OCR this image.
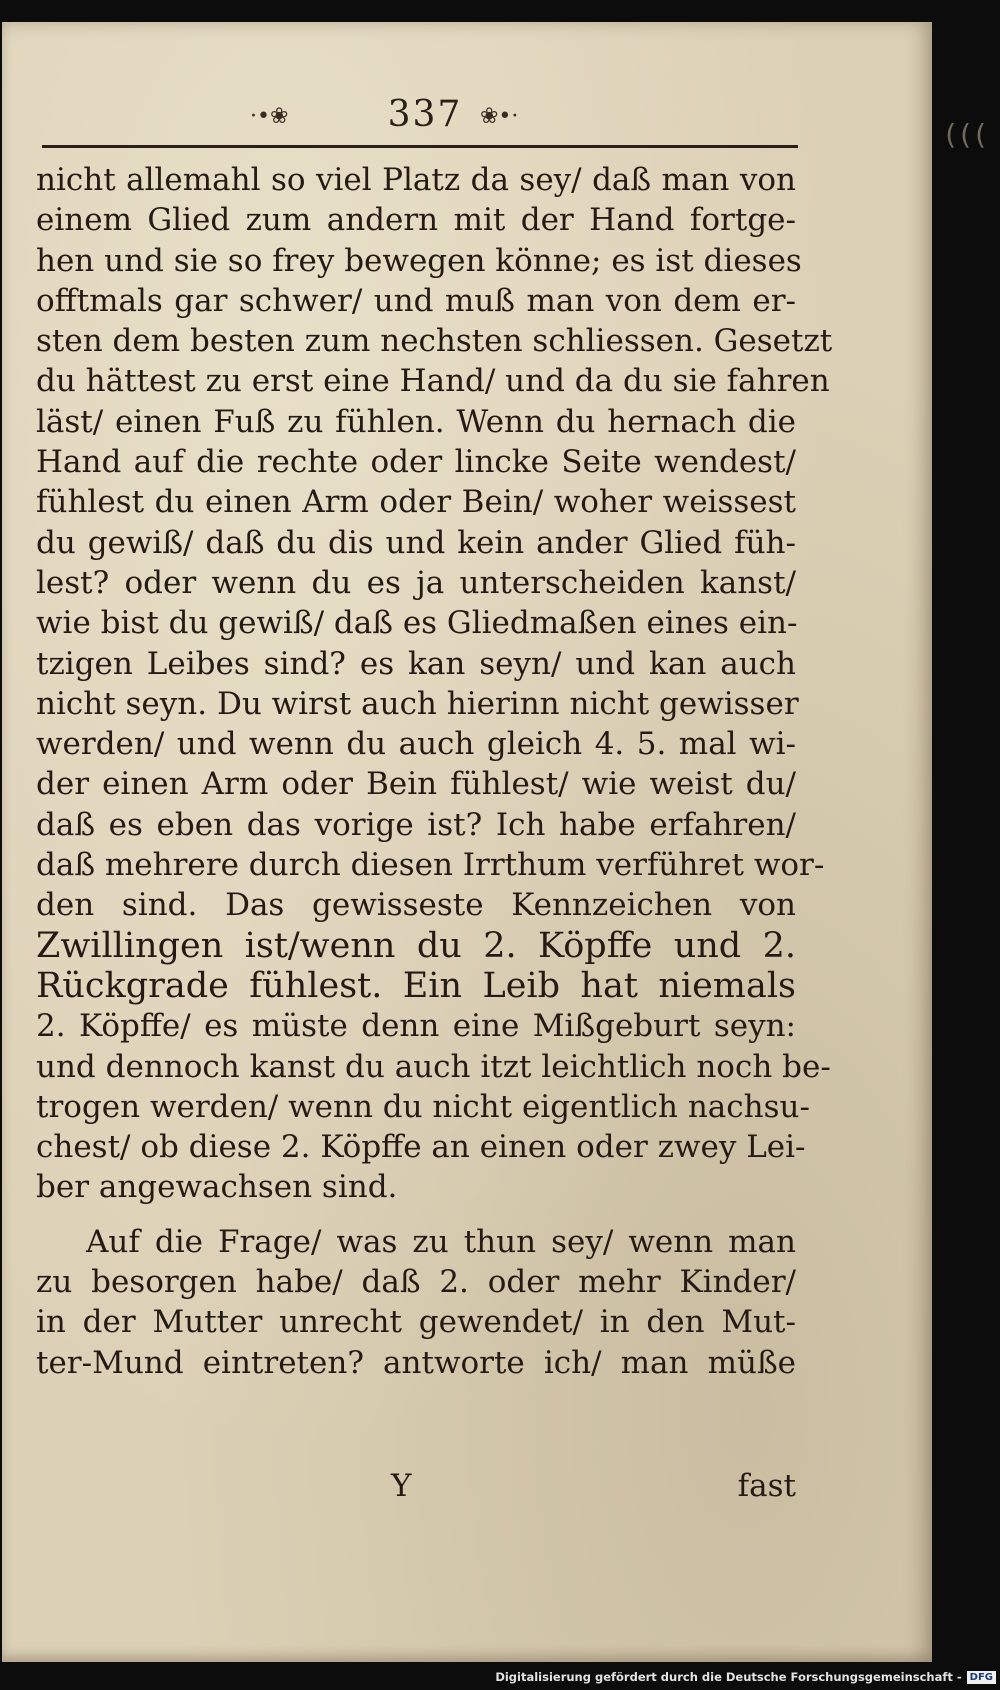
·•❀	337 ❀•·
nicht allemahl so viel Platz da sey/ daß man von
einem Glied zum andern mit der Hand fortge-
hen und sie so frey bewegen könne; es ist dieses
offtmals gar schwer/ und muß man von dem er-
sten dem besten zum nechsten schliessen. Gesetzt
du hättest zu erst eine Hand/ und da du sie fahren
läst/ einen Fuß zu fühlen. Wenn du hernach die
Hand auf die rechte oder lincke Seite wendest/
fühlest du einen Arm oder Bein/ woher weissest
du gewiß/ daß du dis und kein ander Glied füh-
lest? oder wenn du es ja unterscheiden kanst/
wie bist du gewiß/ daß es Gliedmaßen eines ein-
tzigen Leibes sind? es kan seyn/ und kan auch
nicht seyn. Du wirst auch hierinn nicht gewisser
werden/ und wenn du auch gleich 4. 5. mal wi-
der einen Arm oder Bein fühlest/ wie weist du/
daß es eben das vorige ist? Ich habe erfahren/
daß mehrere durch diesen Irrthum verführet wor-
den sind. Das gewisseste Kennzeichen von
Zwillingen ist/wenn du 2. Köpffe und 2.
Rückgrade fühlest. Ein Leib hat niemals
2. Köpffe/ es müste denn eine Mißgeburt seyn:
und dennoch kanst du auch itzt leichtlich noch be-
trogen werden/ wenn du nicht eigentlich nachsu-
chest/ ob diese 2. Köpffe an einen oder zwey Lei-
ber angewachsen sind.
Auf die Frage/ was zu thun sey/ wenn man
zu besorgen habe/ daß 2. oder mehr Kinder/
in der Mutter unrecht gewendet/ in den Mut-
ter-Mund eintreten? antworte ich/ man müße
Y	fast
(((
Digitalisierung gefördert durch die Deutsche Forschungsgemeinschaft - DFG
